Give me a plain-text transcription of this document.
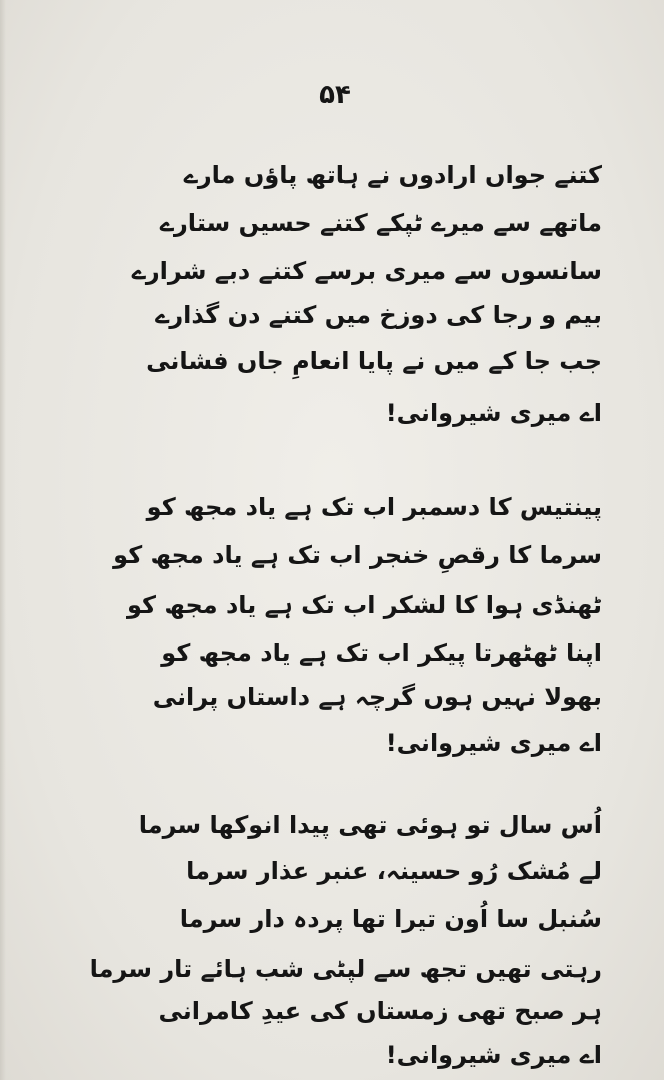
۵۴
کتنے جواں ارادوں نے ہاتھ پاؤں مارے
ماتھے سے میرے ٹپکے کتنے حسیں ستارے
سانسوں سے میری برسے کتنے دبے شرارے
بیم و رجا کی دوزخ میں کتنے دن گذارے
جب جا کے میں نے پایا انعامِ جاں فشانی
اے میری شیروانی!
پینتیس کا دسمبر اب تک ہے یاد مجھ کو
سرما کا رقصِ خنجر اب تک ہے یاد مجھ کو
ٹھنڈی ہوا کا لشکر اب تک ہے یاد مجھ کو
اپنا ٹھٹھرتا پیکر اب تک ہے یاد مجھ کو
بھولا نہیں ہوں گرچہ ہے داستاں پرانی
اے میری شیروانی!
اُس سال تو ہوئی تھی پیدا انوکھا سرما
لے مُشک رُو حسینہ، عنبر عذار سرما
سُنبل سا اُون تیرا تھا پردہ دار سرما
رہتی تھیں تجھ سے لپٹی شب ہائے تار سرما
ہر صبح تھی زمستاں کی عیدِ کامرانی
اے میری شیروانی!
